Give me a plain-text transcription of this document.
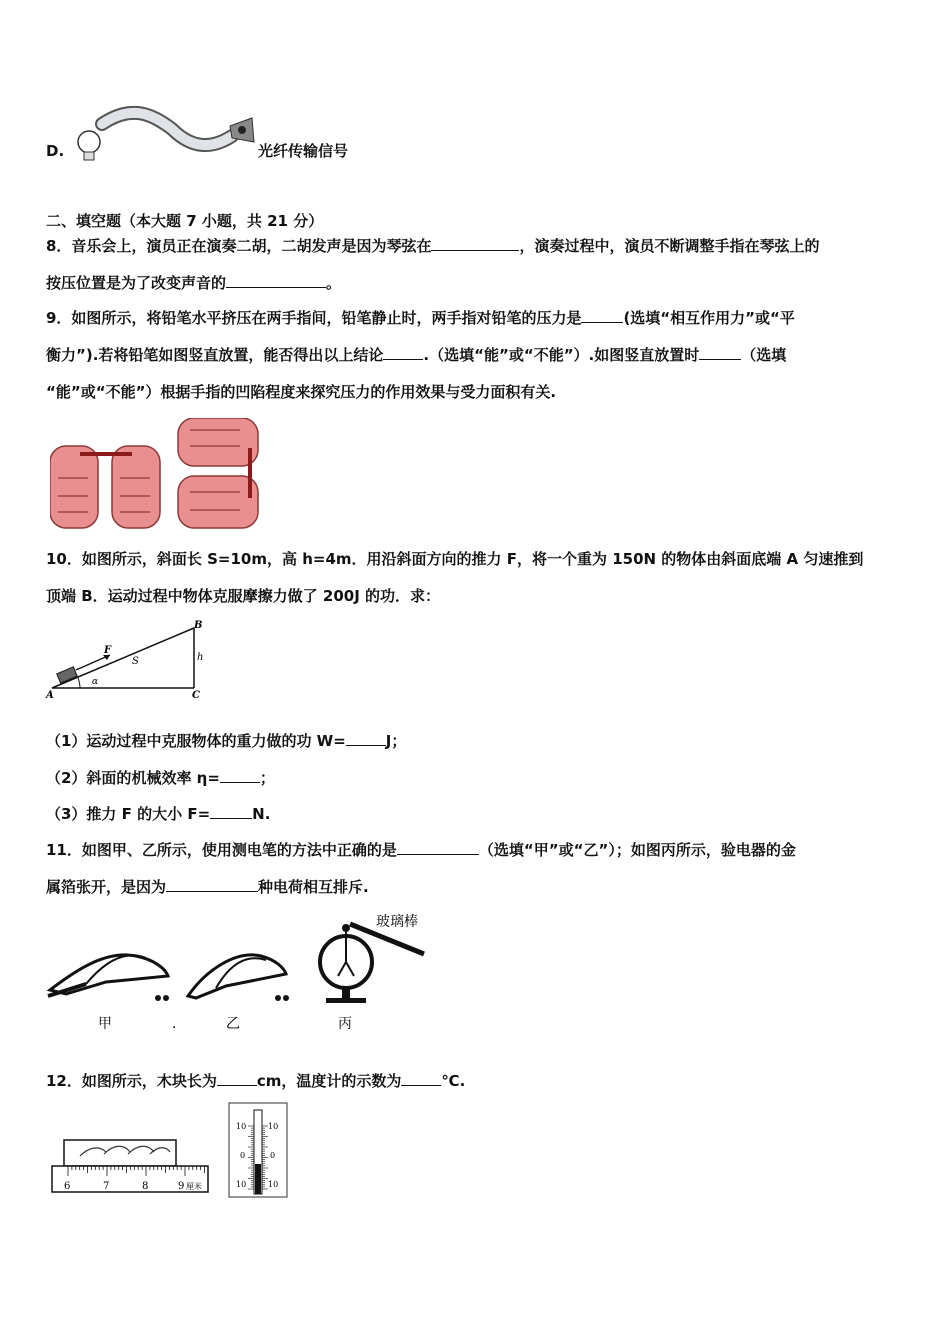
D.	光纤传输信号
二、填空题（本大题 7 小题，共 21 分）
8．音乐会上，演员正在演奏二胡，二胡发声是因为琴弦在	，演奏过程中，演员不断调整手指在琴弦上的
按压位置是为了改变声音的	。
9．如图所示，将铅笔水平挤压在两手指间，铅笔静止时，两手指对铅笔的压力是	(选填“相互作用力”或“平
衡力”).若将铅笔如图竖直放置，能否得出以上结论	.（选填“能”或“不能”）.如图竖直放置时	（选填
“能”或“不能”）根据手指的凹陷程度来探究压力的作用效果与受力面积有关.
10．如图所示，斜面长 S=10m，高 h=4m．用沿斜面方向的推力 F，将一个重为 150N 的物体由斜面底端 A 匀速推到
顶端 B．运动过程中物体克服摩擦力做了 200J 的功．求：
A
B
C
F
S	h
α
（1）运动过程中克服物体的重力做的功 W=	J；
（2）斜面的机械效率 η=	；
（3）推力 F 的大小 F=	N.
11．如图甲、乙所示，使用测电笔的方法中正确的是	（选填“甲”或“乙”）；如图丙所示，验电器的金
属箔张开，是因为	种电荷相互排斥.
玻璃棒
甲	.	乙	丙
12．如图所示，木块长为	cm，温度计的示数为	℃.
6	7	8	9 厘米
10
0
10
10
0
10
